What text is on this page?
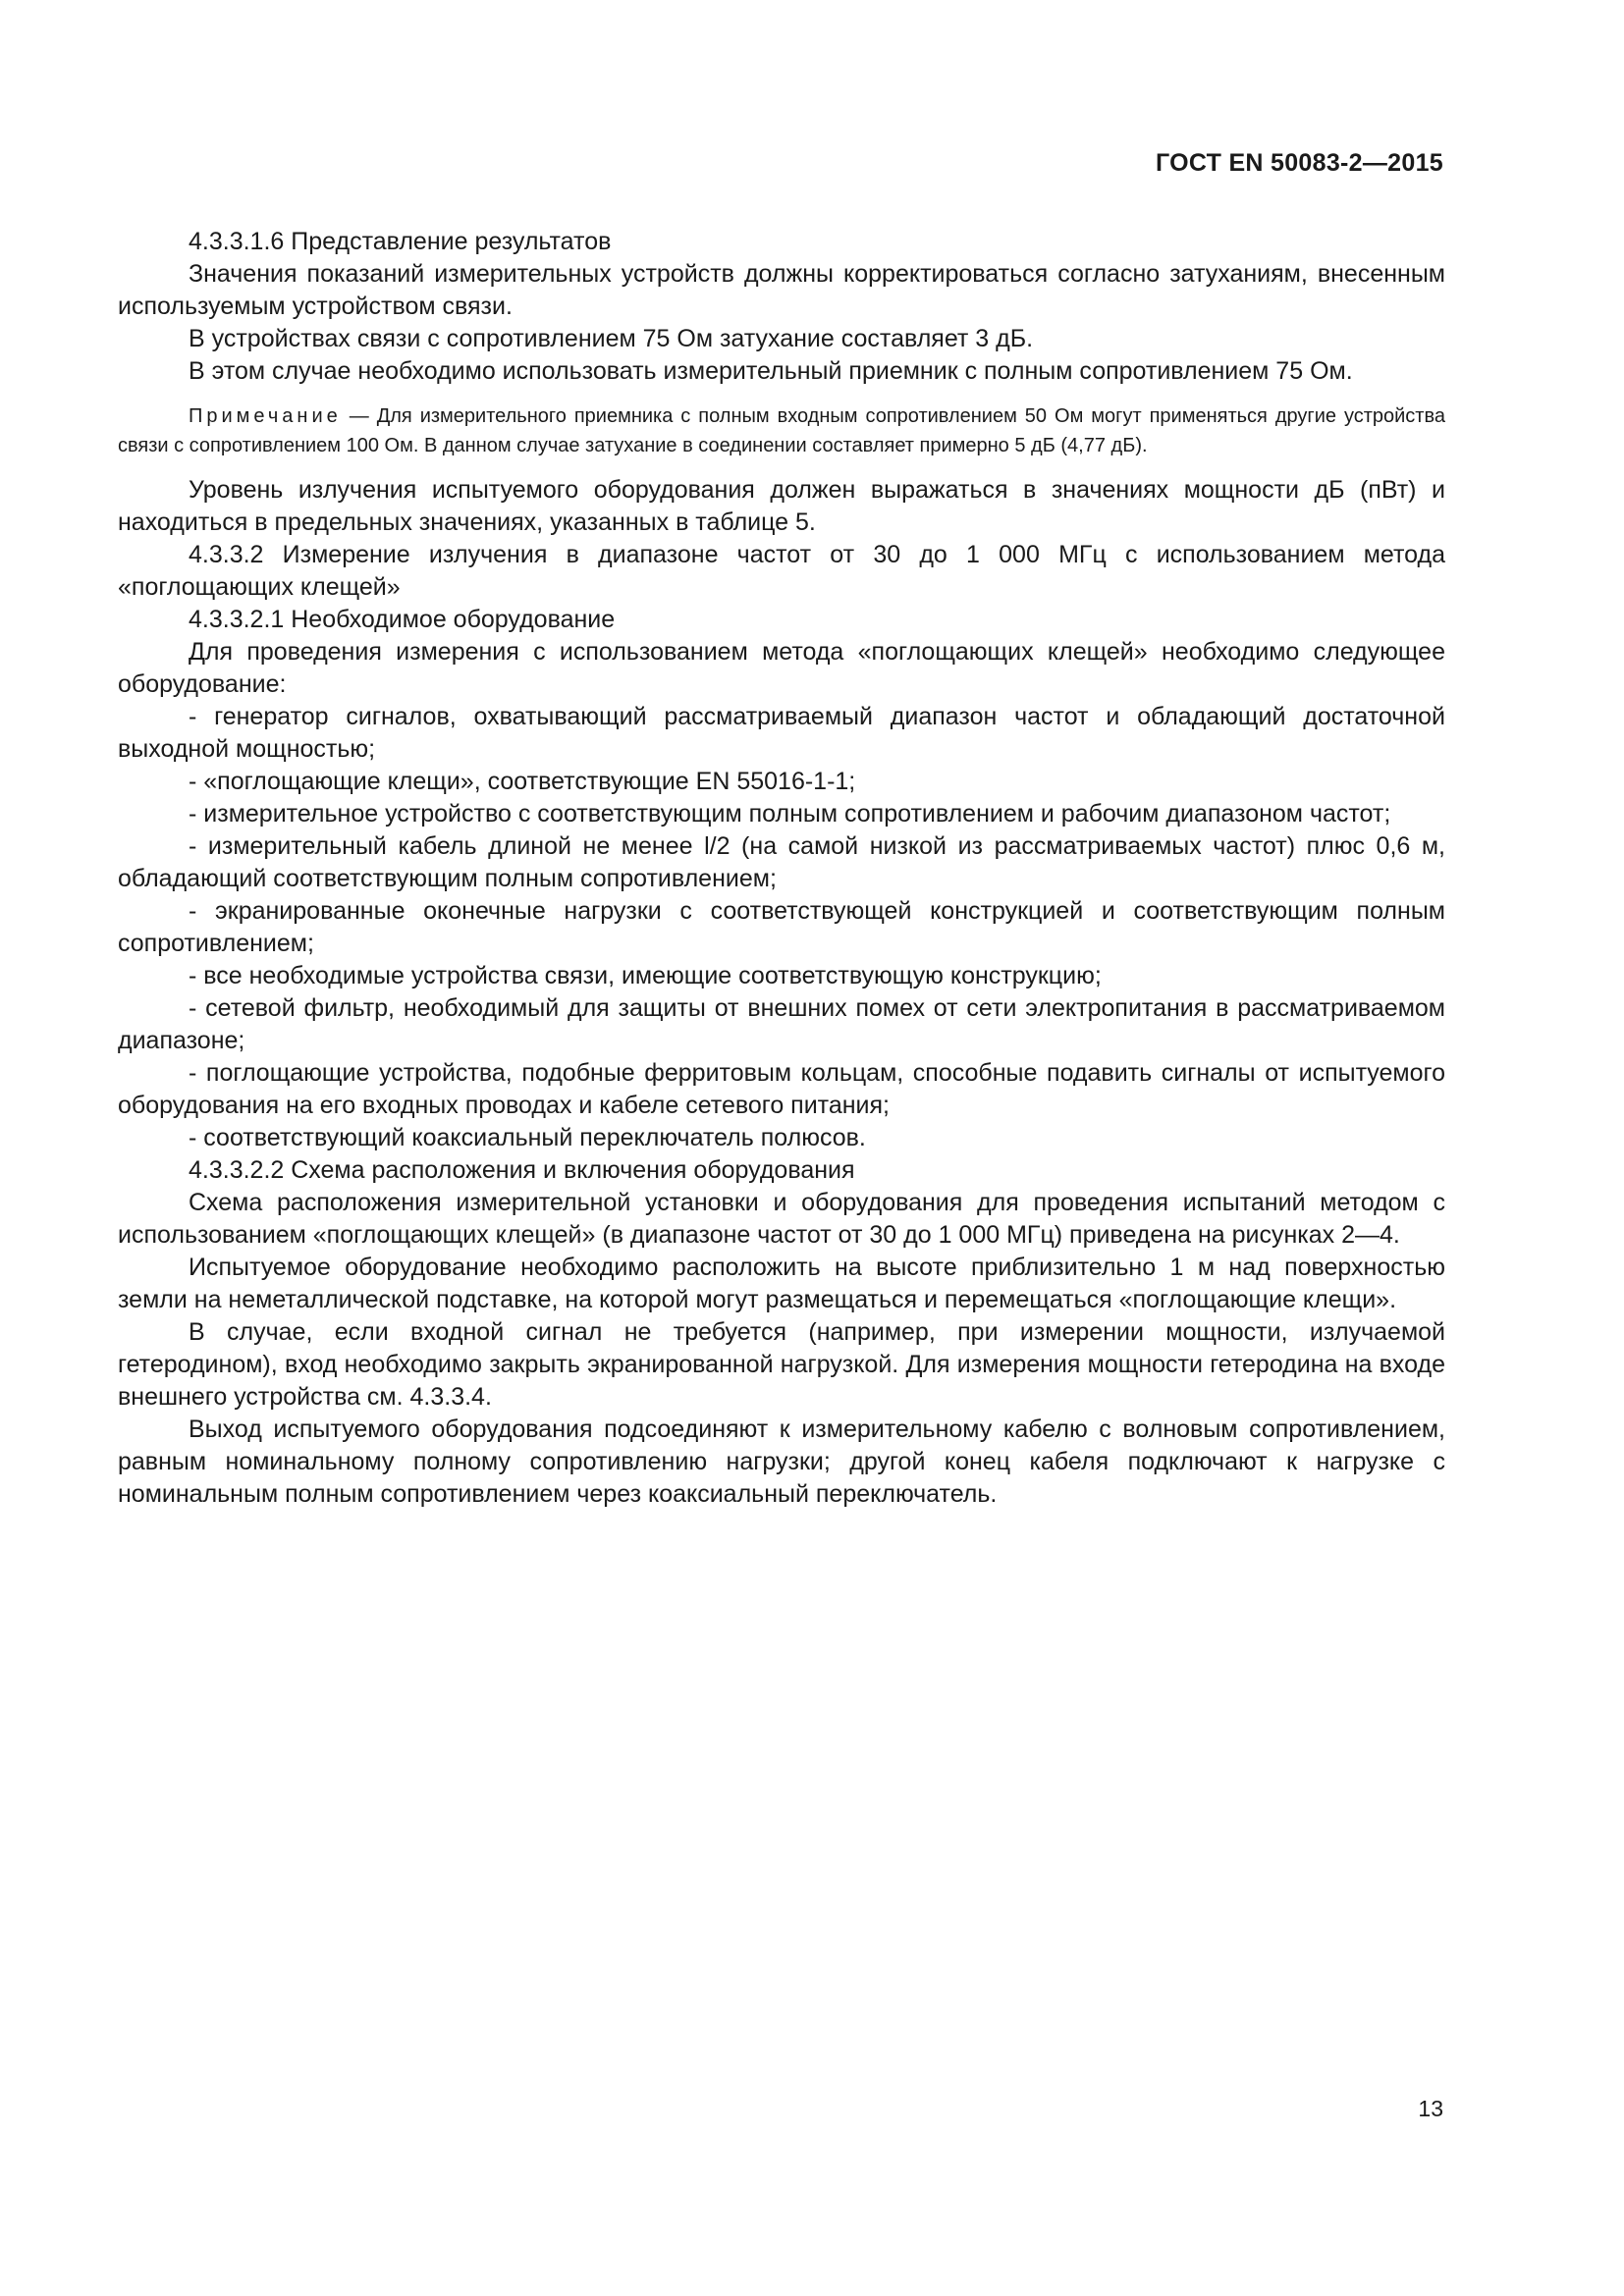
ГОСТ EN 50083-2—2015

4.3.3.1.6 Представление результатов

Значения показаний измерительных устройств должны корректироваться согласно затуханиям, внесенным используемым устройством связи.

В устройствах связи с сопротивлением 75 Ом затухание составляет 3 дБ.

В этом случае необходимо использовать измерительный приемник с полным сопротивлением 75 Ом.

Примечание — Для измерительного приемника с полным входным сопротивлением 50 Ом могут применяться другие устройства связи с сопротивлением 100 Ом. В данном случае затухание в соединении составляет примерно 5 дБ (4,77 дБ).

Уровень излучения испытуемого оборудования должен выражаться в значениях мощности дБ (пВт) и находиться в предельных значениях, указанных в таблице 5.

4.3.3.2 Измерение излучения в диапазоне частот от 30 до 1 000 МГц с использованием метода «поглощающих клещей»

4.3.3.2.1 Необходимое оборудование

Для проведения измерения с использованием метода «поглощающих клещей» необходимо следующее оборудование:

- генератор сигналов, охватывающий рассматриваемый диапазон частот и обладающий достаточной выходной мощностью;

- «поглощающие клещи», соответствующие EN 55016-1-1;

- измерительное устройство с соответствующим полным сопротивлением и рабочим диапазоном частот;

- измерительный кабель длиной не менее l/2 (на самой низкой из рассматриваемых частот) плюс 0,6 м, обладающий соответствующим полным сопротивлением;

- экранированные оконечные нагрузки с соответствующей конструкцией и соответствующим полным сопротивлением;

- все необходимые устройства связи, имеющие соответствующую конструкцию;

- сетевой фильтр, необходимый для защиты от внешних помех от сети электропитания в рассматриваемом диапазоне;

- поглощающие устройства, подобные ферритовым кольцам, способные подавить сигналы от испытуемого оборудования на его входных проводах и кабеле сетевого питания;

- соответствующий коаксиальный переключатель полюсов.

4.3.3.2.2 Схема расположения и включения оборудования

Схема расположения измерительной установки и оборудования для проведения испытаний методом с использованием «поглощающих клещей» (в диапазоне частот от 30 до 1 000 МГц) приведена на рисунках 2—4.

Испытуемое оборудование необходимо расположить на высоте приблизительно 1 м над поверхностью земли на неметаллической подставке, на которой могут размещаться и перемещаться «поглощающие клещи».

В случае, если входной сигнал не требуется (например, при измерении мощности, излучаемой гетеродином), вход необходимо закрыть экранированной нагрузкой. Для измерения мощности гетеродина на входе внешнего устройства см. 4.3.3.4.

Выход испытуемого оборудования подсоединяют к измерительному кабелю с волновым сопротивлением, равным номинальному полному сопротивлению нагрузки; другой конец кабеля подключают к нагрузке с номинальным полным сопротивлением через коаксиальный переключатель.

13
